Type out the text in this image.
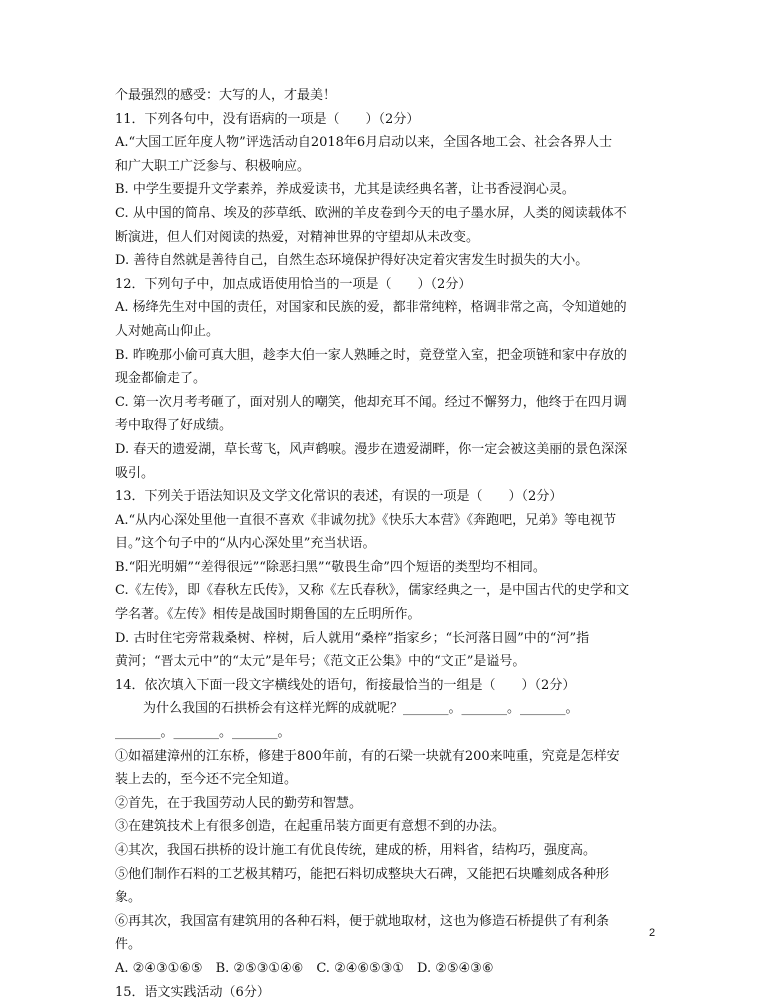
个最强烈的感受：大写的人，才最美！
11．下列各句中，没有语病的一项是（　　）（2分）
A.“大国工匠年度人物”评选活动自2018年6月启动以来，全国各地工会、社会各界人士
和广大职工广泛参与、积极响应。
B. 中学生要提升文学素养，养成爱读书，尤其是读经典名著，让书香浸润心灵。
C. 从中国的简帛、埃及的莎草纸、欧洲的羊皮卷到今天的电子墨水屏，人类的阅读载体不
断演进，但人们对阅读的热爱，对精神世界的守望却从未改变。
D. 善待自然就是善待自己，自然生态环境保护得好决定着灾害发生时损失的大小。
12．下列句子中，加点成语使用恰当的一项是（　　）（2分）
A. 杨绛先生对中国的责任，对国家和民族的爱，都非常纯粹，格调非常之高，令知道她的
人对她高山仰止。
B. 昨晚那小偷可真大胆，趁李大伯一家人熟睡之时，竟登堂入室，把金项链和家中存放的
现金都偷走了。
C. 第一次月考考砸了，面对别人的嘲笑，他却充耳不闻。经过不懈努力，他终于在四月调
考中取得了好成绩。
D. 春天的遗爱湖，草长莺飞，风声鹤唳。漫步在遗爱湖畔，你一定会被这美丽的景色深深
吸引。
13．下列关于语法知识及文学文化常识的表述，有误的一项是（　　）（2分）
A.“从内心深处里他一直很不喜欢《非诚勿扰》《快乐大本营》《奔跑吧，兄弟》等电视节
目。”这个句子中的“从内心深处里”充当状语。
B.“阳光明媚”“差得很远”“除恶扫黑”“敬畏生命”四个短语的类型均不相同。
C.《左传》，即《春秋左氏传》，又称《左氏春秋》，儒家经典之一，是中国古代的史学和文
学名著。《左传》相传是战国时期鲁国的左丘明所作。
D. 古时住宅旁常栽桑树、梓树，后人就用“桑梓”指家乡；“长河落日圆”中的“河”指
黄河；“晋太元中”的“太元”是年号；《范文正公集》中的“文正”是谥号。
14．依次填入下面一段文字横线处的语句，衔接最恰当的一组是（　　）（2分）
为什么我国的石拱桥会有这样光辉的成就呢？_______。_______。_______。
_______。_______。_______。
①如福建漳州的江东桥，修建于800年前，有的石梁一块就有200来吨重，究竟是怎样安
装上去的，至今还不完全知道。
②首先，在于我国劳动人民的勤劳和智慧。
③在建筑技术上有很多创造，在起重吊装方面更有意想不到的办法。
④其次，我国石拱桥的设计施工有优良传统，建成的桥，用料省，结构巧，强度高。
⑤他们制作石料的工艺极其精巧，能把石料切成整块大石碑，又能把石块雕刻成各种形
象。
⑥再其次，我国富有建筑用的各种石料，便于就地取材，这也为修造石桥提供了有利条
件。
A. ②④③①⑥⑤　B. ②⑤③①④⑥　C. ②④⑥⑤③①　D. ②⑤④③⑥
15．语文实践活动（6分）
2
